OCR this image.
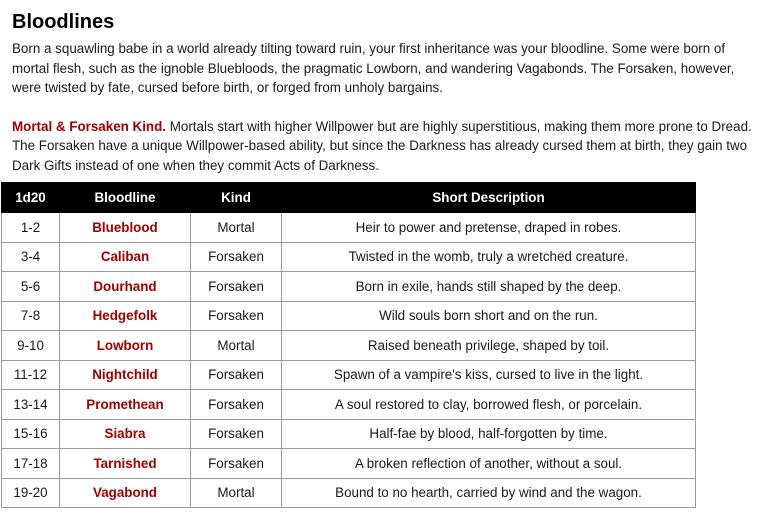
Bloodlines

Born a squawling babe in a world already tilting toward ruin, your first inheritance was your bloodline. Some were born of mortal flesh, such as the ignoble Bluebloods, the pragmatic Lowborn, and wandering Vagabonds. The Forsaken, however, were twisted by fate, cursed before birth, or forged from unholy bargains.

Mortal & Forsaken Kind. Mortals start with higher Willpower but are highly superstitious, making them more prone to Dread. The Forsaken have a unique Willpower-based ability, but since the Darkness has already cursed them at birth, they gain two Dark Gifts instead of one when they commit Acts of Darkness.

1d20	Bloodline	Kind	Short Description
1-2	Blueblood	Mortal	Heir to power and pretense, draped in robes.
3-4	Caliban	Forsaken	Twisted in the womb, truly a wretched creature.
5-6	Dourhand	Forsaken	Born in exile, hands still shaped by the deep.
7-8	Hedgefolk	Forsaken	Wild souls born short and on the run.
9-10	Lowborn	Mortal	Raised beneath privilege, shaped by toil.
11-12	Nightchild	Forsaken	Spawn of a vampire's kiss, cursed to live in the light.
13-14	Promethean	Forsaken	A soul restored to clay, borrowed flesh, or porcelain.
15-16	Siabra	Forsaken	Half-fae by blood, half-forgotten by time.
17-18	Tarnished	Forsaken	A broken reflection of another, without a soul.
19-20	Vagabond	Mortal	Bound to no hearth, carried by wind and the wagon.
